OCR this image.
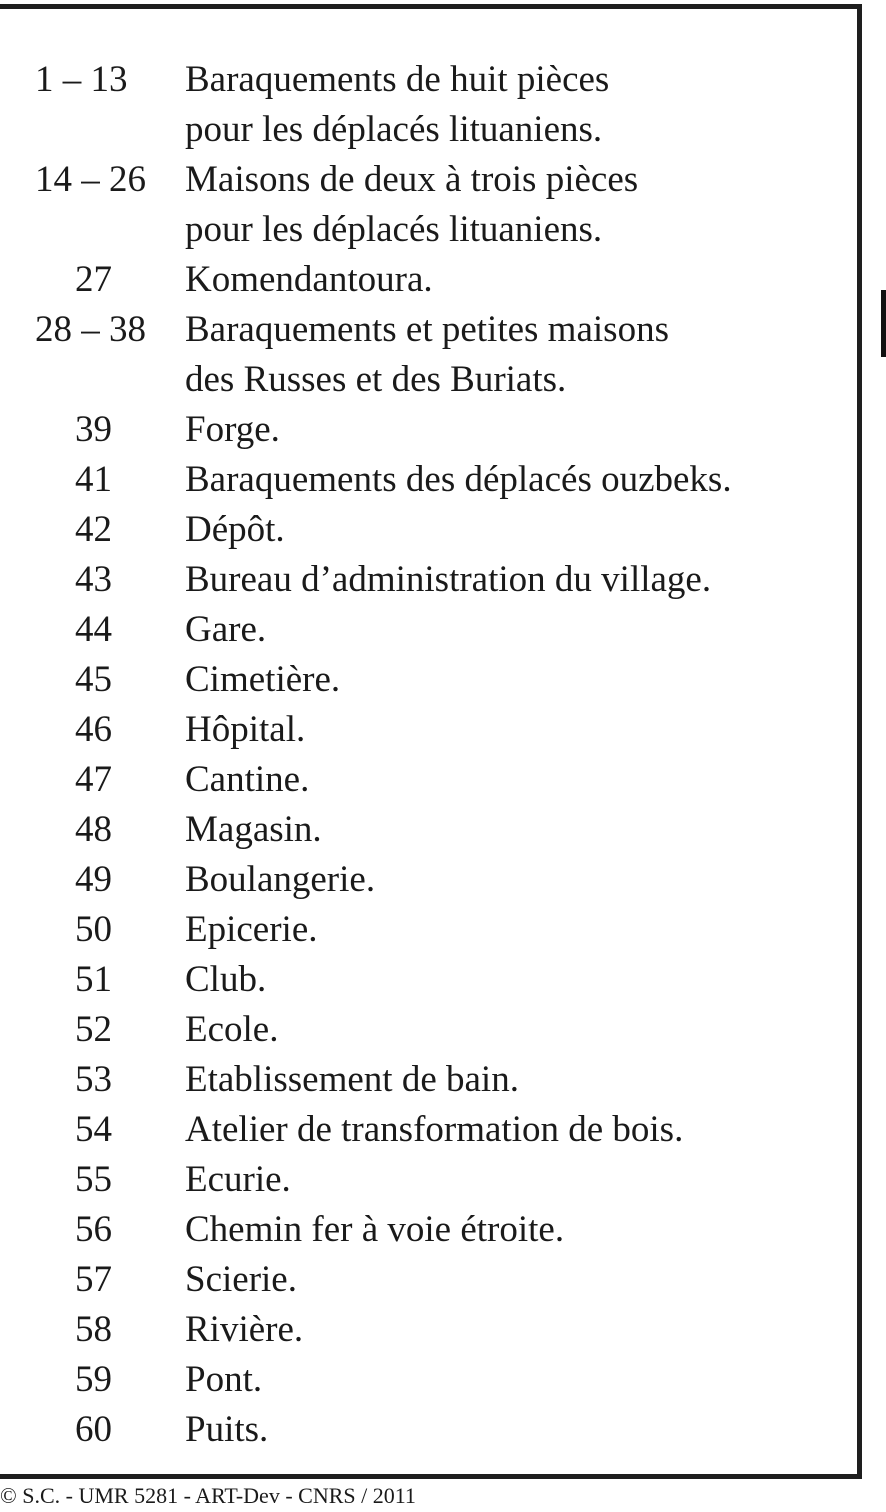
1 – 13 Baraquements de huit pièces
pour les déplacés lituaniens.
14 – 26 Maisons de deux à trois pièces
pour les déplacés lituaniens.
27 Komendantoura.
28 – 38 Baraquements et petites maisons
des Russes et des Buriats.
39 Forge.
41 Baraquements des déplacés ouzbeks.
42 Dépôt.
43 Bureau d’administration du village.
44 Gare.
45 Cimetière.
46 Hôpital.
47 Cantine.
48 Magasin.
49 Boulangerie.
50 Epicerie.
51 Club.
52 Ecole.
53 Etablissement de bain.
54 Atelier de transformation de bois.
55 Ecurie.
56 Chemin fer à voie étroite.
57 Scierie.
58 Rivière.
59 Pont.
60 Puits.
© S.C. - UMR 5281 - ART-Dev - CNRS / 2011
